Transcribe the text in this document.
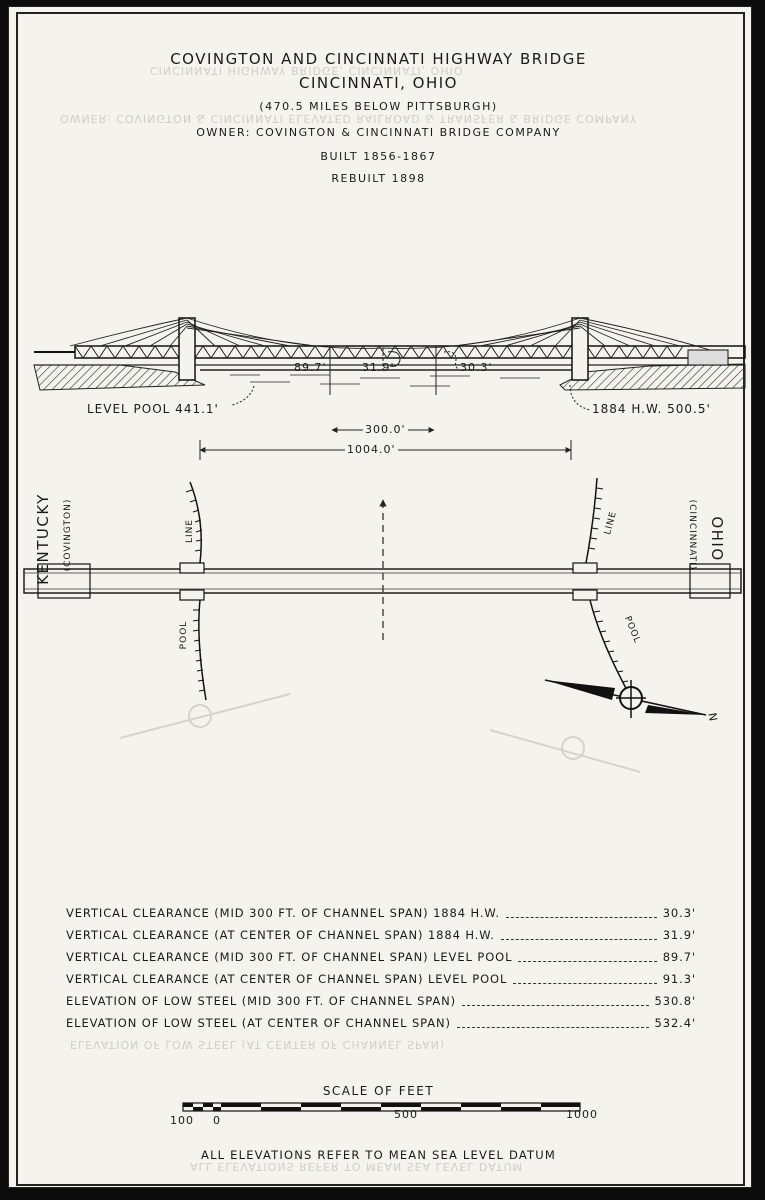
COVINGTON AND CINCINNATI HIGHWAY BRIDGE
CINCINNATI, OHIO
(470.5 MILES BELOW PITTSBURGH)
OWNER: COVINGTON & CINCINNATI BRIDGE COMPANY
BUILT 1856-1867
REBUILT 1898
CINCINNATI HIGHWAY BRIDGE, CINCINNATI, OHIO
OWNER: COVINGTON & CINCINNATI ELEVATED RAILROAD & TRANSFER & BRIDGE COMPANY
ELEVATION OF LOW STEEL (AT CENTER OF CHANNEL SPAN)
ALL ELEVATIONS REFER TO MEAN SEA LEVEL DATUM
89.7'	31.9'	30.3'
LEVEL POOL 441.1'	1884 H.W. 500.5'
300.0'
1004.0'
KENTUCKY (COVINGTON)	OHIO
(CINCINNATI)
LINE
POOL
LINE
POOL
N
VERTICAL CLEARANCE (MID 300 FT. OF CHANNEL SPAN) 1884 H.W.	30.3'
VERTICAL CLEARANCE (AT CENTER OF CHANNEL SPAN) 1884 H.W.	31.9'
VERTICAL CLEARANCE (MID 300 FT. OF CHANNEL SPAN) LEVEL POOL	89.7'
VERTICAL CLEARANCE (AT CENTER OF CHANNEL SPAN) LEVEL POOL	91.3'
ELEVATION OF LOW STEEL (MID 300 FT. OF CHANNEL SPAN)	530.8'
ELEVATION OF LOW STEEL (AT CENTER OF CHANNEL SPAN)	532.4'
SCALE OF FEET
100 0	500	1000
ALL ELEVATIONS REFER TO MEAN SEA LEVEL DATUM
